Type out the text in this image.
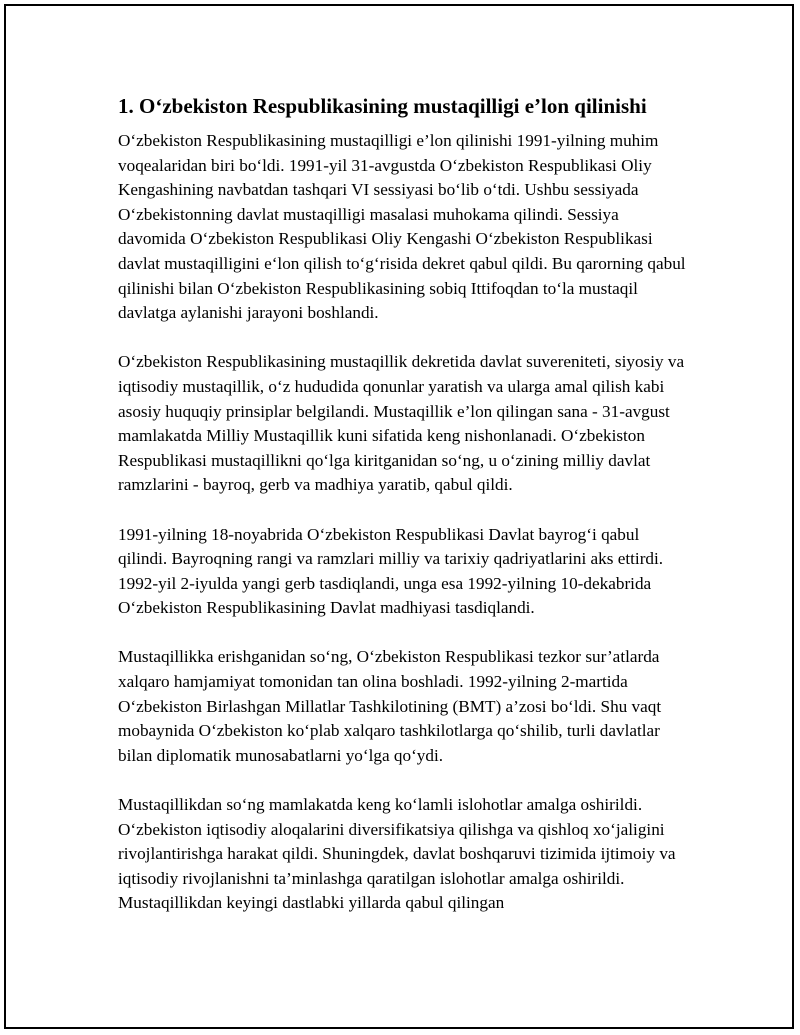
1. O‘zbekiston Respublikasining mustaqilligi e’lon qilinishi

O‘zbekiston Respublikasining mustaqilligi e’lon qilinishi 1991-yilning muhim voqealaridan biri bo‘ldi. 1991-yil 31-avgustda O‘zbekiston Respublikasi Oliy Kengashining navbatdan tashqari VI sessiyasi bo‘lib o‘tdi. Ushbu sessiyada O‘zbekistonning davlat mustaqilligi masalasi muhokama qilindi. Sessiya davomida O‘zbekiston Respublikasi Oliy Kengashi O‘zbekiston Respublikasi davlat mustaqilligini e‘lon qilish to‘g‘risida dekret qabul qildi. Bu qarorning qabul qilinishi bilan O‘zbekiston Respublikasining sobiq Ittifoqdan to‘la mustaqil davlatga aylanishi jarayoni boshlandi.

O‘zbekiston Respublikasining mustaqillik dekretida davlat suvereniteti, siyosiy va iqtisodiy mustaqillik, o‘z hududida qonunlar yaratish va ularga amal qilish kabi asosiy huquqiy prinsiplar belgilandi. Mustaqillik e’lon qilingan sana - 31-avgust mamlakatda Milliy Mustaqillik kuni sifatida keng nishonlanadi. O‘zbekiston Respublikasi mustaqillikni qo‘lga kiritganidan so‘ng, u o‘zining milliy davlat ramzlarini - bayroq, gerb va madhiya yaratib, qabul qildi.

1991-yilning 18-noyabrida O‘zbekiston Respublikasi Davlat bayrog‘i qabul qilindi. Bayroqning rangi va ramzlari milliy va tarixiy qadriyatlarini aks ettirdi. 1992-yil 2-iyulda yangi gerb tasdiqlandi, unga esa 1992-yilning 10-dekabrida O‘zbekiston Respublikasining Davlat madhiyasi tasdiqlandi.

Mustaqillikka erishganidan so‘ng, O‘zbekiston Respublikasi tezkor sur’atlarda xalqaro hamjamiyat tomonidan tan olina boshladi. 1992-yilning 2-martida O‘zbekiston Birlashgan Millatlar Tashkilotining (BMT) a’zosi bo‘ldi. Shu vaqt mobaynida O‘zbekiston ko‘plab xalqaro tashkilotlarga qo‘shilib, turli davlatlar bilan diplomatik munosabatlarni yo‘lga qo‘ydi.

Mustaqillikdan so‘ng mamlakatda keng ko‘lamli islohotlar amalga oshirildi. O‘zbekiston iqtisodiy aloqalarini diversifikatsiya qilishga va qishloq xo‘jaligini rivojlantirishga harakat qildi. Shuningdek, davlat boshqaruvi tizimida ijtimoiy va iqtisodiy rivojlanishni ta’minlashga qaratilgan islohotlar amalga oshirildi. Mustaqillikdan keyingi dastlabki yillarda qabul qilingan
